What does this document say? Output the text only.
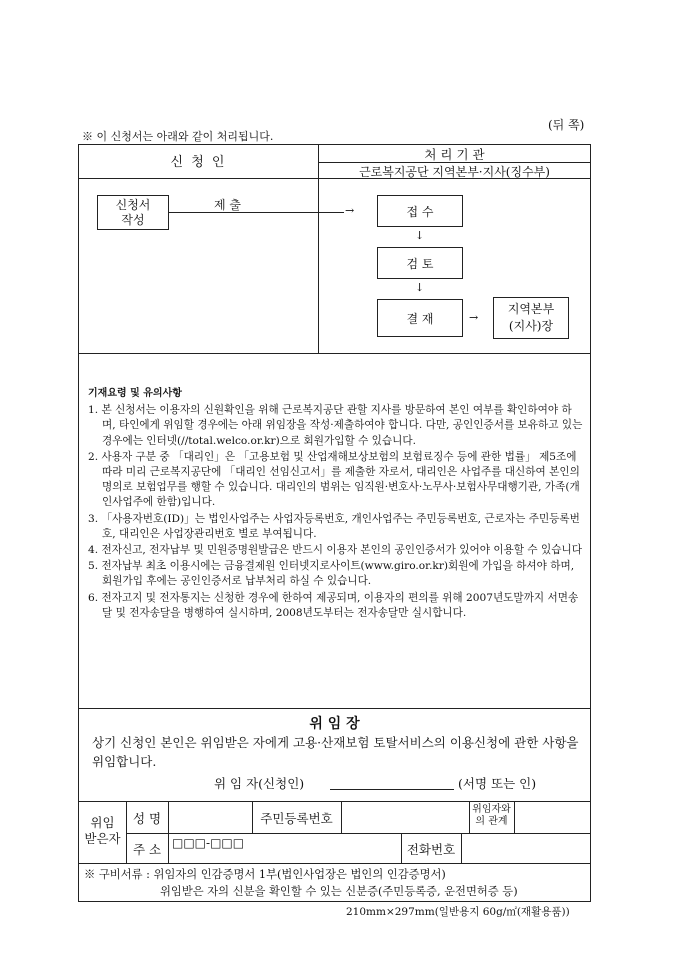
(뒤 쪽)
※ 이 신청서는 아래와 같이 처리됩니다.
신 청 인
처 리 기 관
근로복지공단 지역본부·지사(징수부)
신청서
작성
제 출	→	접 수
↓
검 토
↓
결 재	→
지역본부
(지사)장

기재요령 및 유의사항

1. 본 신청서는 이용자의 신원확인을 위해 근로복지공단 관할 지사를 방문하여 본인 여부를 확인하여야 하며, 타인에게 위임할 경우에는 아래 위임장을 작성·제출하여야 합니다. 다만, 공인인증서를 보유하고 있는 경우에는 인터넷(//total.welco.or.kr)으로 회원가입할 수 있습니다.

2. 사용자 구분 중 「대리인」은 「고용보험 및 산업재해보상보험의 보험료징수 등에 관한 법률」 제5조에 따라 미리 근로복지공단에 「대리인 선임신고서」를 제출한 자로서, 대리인은 사업주를 대신하여 본인의 명의로 보험업무를 행할 수 있습니다. 대리인의 범위는 임직원·변호사·노무사·보험사무대행기관, 가족(개인사업주에 한함)입니다.

3. 「사용자번호(ID)」는 법인사업주는 사업자등록번호, 개인사업주는 주민등록번호, 근로자는 주민등록번호, 대리인은 사업장관리번호 별로 부여됩니다.

4. 전자신고, 전자납부 및 민원증명원발급은 반드시 이용자 본인의 공인인증서가 있어야 이용할 수 있습니다

5. 전자납부 최초 이용시에는 금융결제원 인터넷지로사이트(www.giro.or.kr)회원에 가입을 하셔야 하며, 회원가입 후에는 공인인증서로 납부처리 하실 수 있습니다.

6. 전자고지 및 전자통지는 신청한 경우에 한하여 제공되며, 이용자의 편의를 위해 2007년도말까지 서면송달 및 전자송달을 병행하여 실시하며, 2008년도부터는 전자송달만 실시합니다.

위 임 장
상기 신청인 본인은 위임받은 자에게 고용·산재보험 토탈서비스의 이용신청에 관한 사항을 위임합니다.
위 임 자(신청인)	(서명 또는 인)
위임
받은자
성 명	주민등록번호
위임자와
의 관계
주 소 □□□-□□□	전화번호
※ 구비서류 : 위임자의 인감증명서 1부(법인사업장은 법인의 인감증명서)
위임받은 자의 신분을 확인할 수 있는 신분증(주민등록증, 운전면허증 등)
210mm×297mm(일반용지 60g/㎡(재활용품))
